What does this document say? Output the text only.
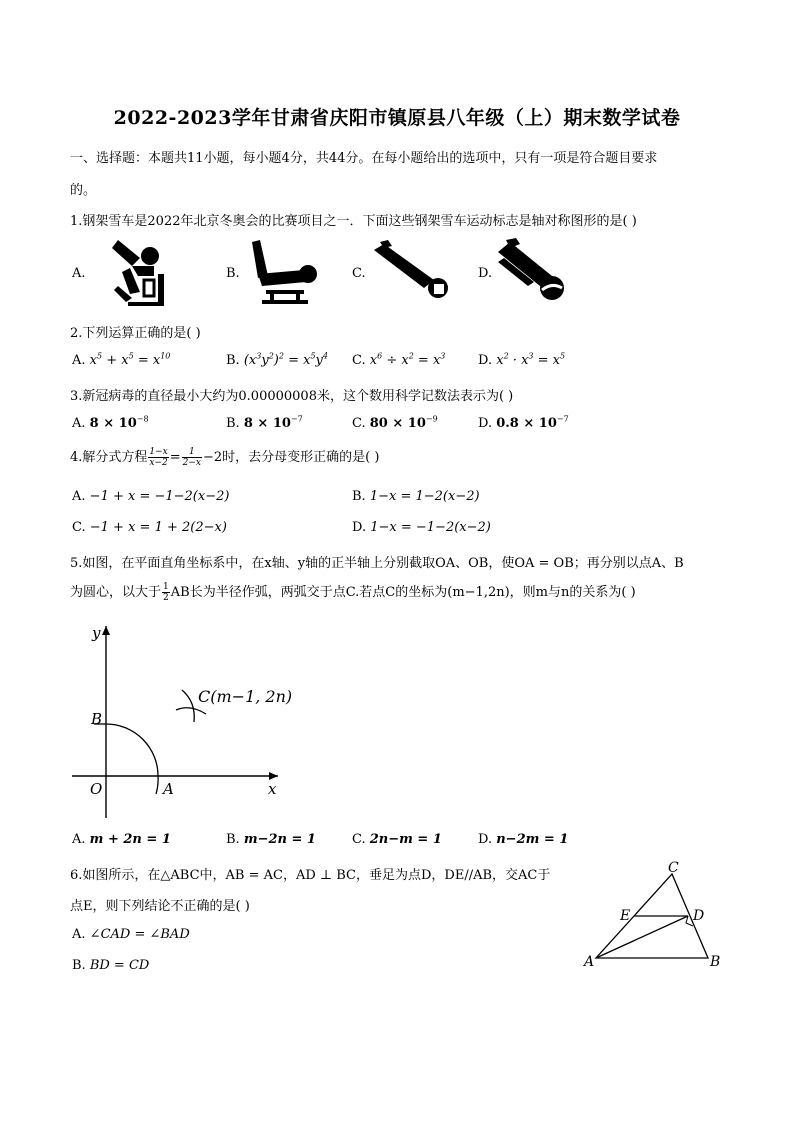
2022-2023学年甘肃省庆阳市镇原县八年级（上）期末数学试卷
一、选择题：本题共11小题，每小题4分，共44分。在每小题给出的选项中，只有一项是符合题目要求
的。
1.钢架雪车是2022年北京冬奥会的比赛项目之一．下面这些钢架雪车运动标志是轴对称图形的是( )
A.	B.	C.	D.
2.下列运算正确的是( )
A. $x^5 + x^5 = x^{10}$	B. $(x^3y^2)^2 = x^5y^4$ C. $x^6 \div x^2 = x^3$	D. $x^2 \cdot x^3 = x^5$
3.新冠病毒的直径最小大约为0.00000008米，这个数用科学记数法表示为( )
A. $8 \times 10^{-8}$	B. $8 \times 10^{-7}$	C. $80 \times 10^{-9}$	D. $0.8 \times 10^{-7}$
4.解分式方程 $\frac{1-x}{x-2} = \frac{1}{2-x} -2$时，去分母变形正确的是( )
A. −1 + x = −1−2(x−2)	B. 1−x = 1−2(x−2)
C. −1 + x = 1 + 2(2−x)	D. 1−x = −1−2(x−2)
5.如图，在平面直角坐标系中，在x轴、y轴的正半轴上分别截取OA、OB，使OA = OB；再分别以点A、B
为圆心，以大于 $\frac{1}{2}$ AB长为半径作弧，两弧交于点C.若点C的坐标为(m−1,2n)，则m与n的关系为( )
y
x
O	A
B
C(m−1, 2n)
A. m + 2n = 1	B. m−2n = 1	C. 2n−m = 1	D. n−2m = 1
6.如图所示，在△ABC中，AB = AC，AD ⊥ BC，垂足为点D，DE//AB，交AC于
点E，则下列结论不正确的是( )
A. ∠CAD = ∠BAD
B. BD = CD	A	B
C
D
E
